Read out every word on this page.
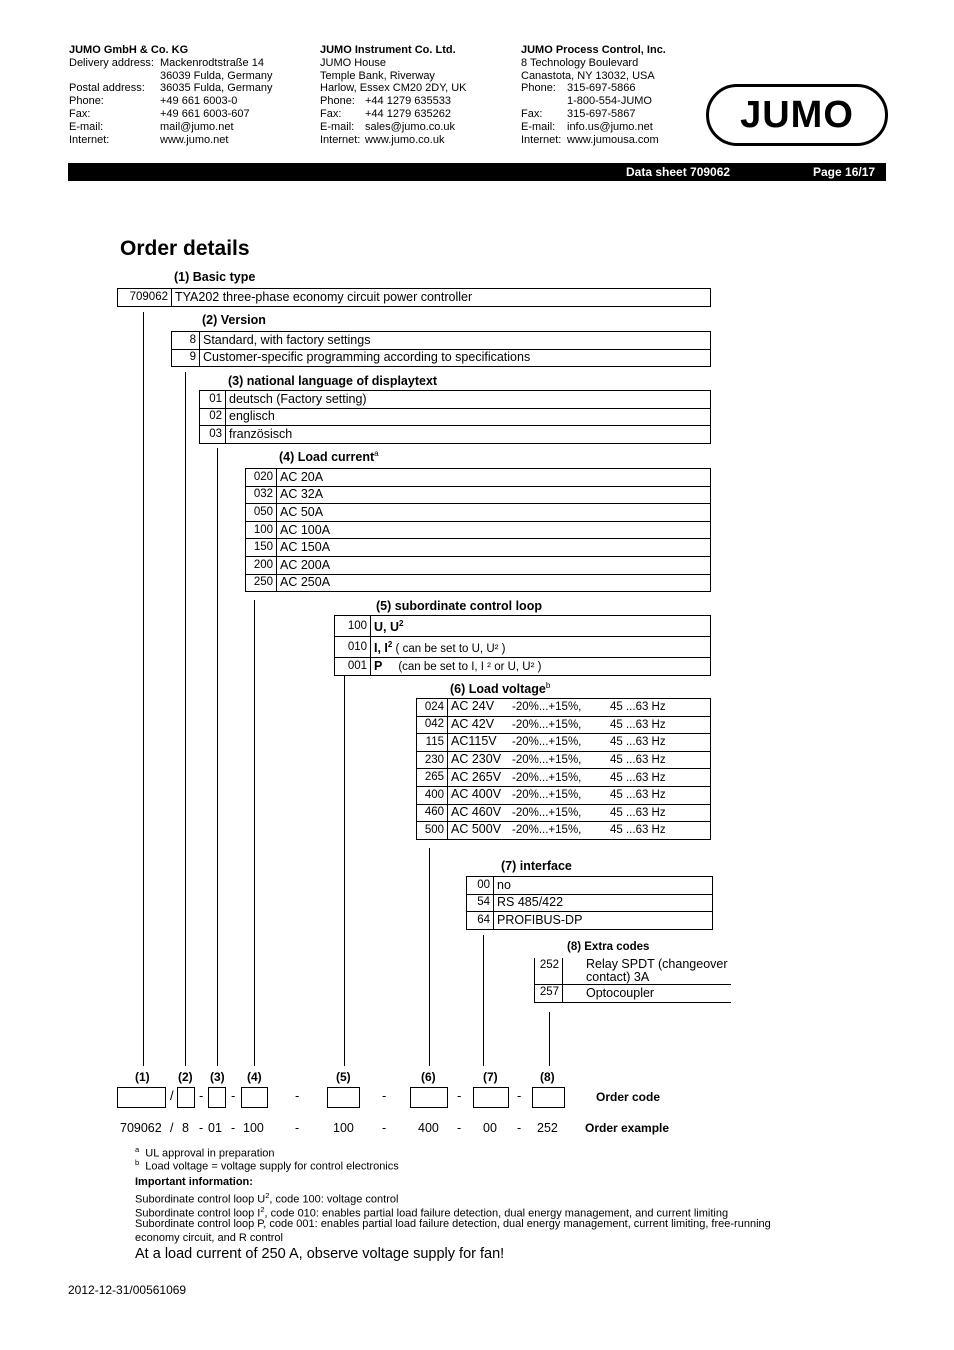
JUMO GmbH & Co. KG
Delivery address: Mackenrodtstraße 14
36039 Fulda, Germany
Postal address:	36035 Fulda, Germany
Phone:	+49 661 6003-0
Fax:	+49 661 6003-607
E-mail:	mail@jumo.net
Internet:	www.jumo.net
JUMO Instrument Co. Ltd.
JUMO House
Temple Bank, Riverway
Harlow, Essex CM20 2DY, UK
Phone: +44 1279 635533
Fax:	+44 1279 635262
E-mail: sales@jumo.co.uk
Internet: www.jumo.co.uk
JUMO Process Control, Inc.
8 Technology Boulevard
Canastota, NY 13032, USA
Phone:	315-697-5866
1-800-554-JUMO
Fax:	315-697-5867
E-mail:	info.us@jumo.net
Internet: www.jumousa.com
JUMO
Data sheet 709062	Page 16/17
Order details
(1) Basic type
(2) Version
(3) national language of displaytext
(4) Load current$^a$
(5) subordinate control loop
(6) Load voltage$^b$
(7) interface
(8) Extra codes
709062	TYA202 three-phase economy circuit power controller
8	Standard, with factory settings
9	Customer-specific programming according to specifications
01	deutsch (Factory setting)
02	englisch
03	französisch
020	AC 20A
032	AC 32A
050	AC 50A
100	AC 100A
150	AC 150A
200	AC 200A
250	AC 250A
100	U, $U^2$
010	I, $I^2$ ( can be set to U, U² )
001	P     (can be set to I, I ² or U, U² )
024	AC 24V -20%...+15%, 45 ...63 Hz
042	AC 42V -20%...+15%, 45 ...63 Hz
115	AC115V -20%...+15%, 45 ...63 Hz
230	AC 230V -20%...+15%, 45 ...63 Hz
265	AC 265V -20%...+15%, 45 ...63 Hz
400	AC 400V -20%...+15%, 45 ...63 Hz
460	AC 460V -20%...+15%, 45 ...63 Hz
500	AC 500V -20%...+15%, 45 ...63 Hz
00	no
54	RS 485/422
64	PROFIBUS-DP
252	Relay SPDT (changeover contact) 3A
257	Optocoupler
(1) (2) (3) (4)	(5)	(6)	(7)	(8)
/ - -	-	-	-	-	Order code
709062 / 8 - 01 - 100 -	100 -	400 - 00 - 252 Order example
$^a$ UL approval in preparation
$^b$ Load voltage = voltage supply for control electronics
Important information:
Subordinate control loop $U^2$, code 100: voltage control
Subordinate control loop $I^2$, code 010: enables partial load failure detection, dual energy management, and current limiting
Subordinate control loop P, code 001: enables partial load failure detection, dual energy management, current limiting, free-running
economy circuit, and R control
At a load current of 250 A, observe voltage supply for fan!
2012-12-31/00561069
